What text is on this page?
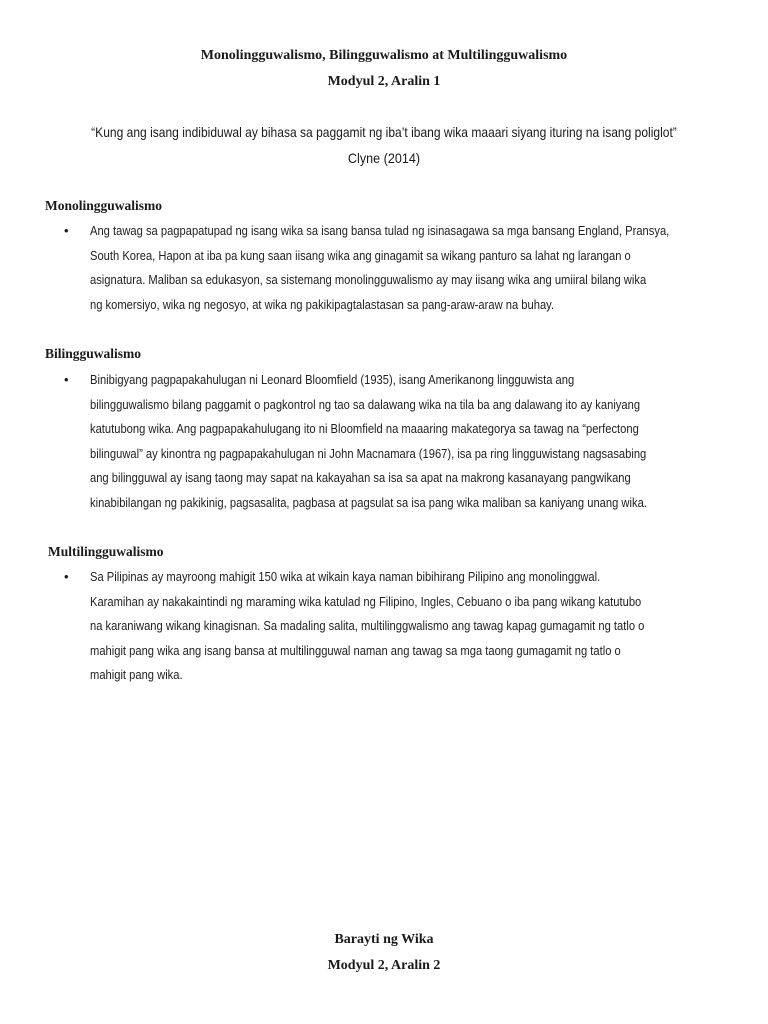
Monolingguwalismo, Bilingguwalismo at Multilingguwalismo
Modyul 2, Aralin 1
“Kung ang isang indibiduwal ay bihasa sa paggamit ng iba’t ibang wika maaari siyang ituring na isang poliglot”
Clyne (2014)
Monolingguwalismo
• Ang tawag sa pagpapatupad ng isang wika sa isang bansa tulad ng isinasagawa sa mga bansang England, Pransya,
South Korea, Hapon at iba pa kung saan iisang wika ang ginagamit sa wikang panturo sa lahat ng larangan o
asignatura. Maliban sa edukasyon, sa sistemang monolingguwalismo ay may iisang wika ang umiiral bilang wika
ng komersiyo, wika ng negosyo, at wika ng pakikipagtalastasan sa pang-araw-araw na buhay.
Bilingguwalismo
• Binibigyang pagpapakahulugan ni Leonard Bloomfield (1935), isang Amerikanong lingguwista ang
bilingguwalismo bilang paggamit o pagkontrol ng tao sa dalawang wika na tila ba ang dalawang ito ay kaniyang
katutubong wika. Ang pagpapakahulugang ito ni Bloomfield na maaaring makategorya sa tawag na “perfectong
bilinguwal” ay kinontra ng pagpapakahulugan ni John Macnamara (1967), isa pa ring lingguwistang nagsasabing
ang bilingguwal ay isang taong may sapat na kakayahan sa isa sa apat na makrong kasanayang pangwikang
kinabibilangan ng pakikinig, pagsasalita, pagbasa at pagsulat sa isa pang wika maliban sa kaniyang unang wika.
Multilingguwalismo
• Sa Pilipinas ay mayroong mahigit 150 wika at wikain kaya naman bibihirang Pilipino ang monolinggwal.
Karamihan ay nakakaintindi ng maraming wika katulad ng Filipino, Ingles, Cebuano o iba pang wikang katutubo
na karaniwang wikang kinagisnan. Sa madaling salita, multilinggwalismo ang tawag kapag gumagamit ng tatlo o
mahigit pang wika ang isang bansa at multilingguwal naman ang tawag sa mga taong gumagamit ng tatlo o
mahigit pang wika.
Barayti ng Wika
Modyul 2, Aralin 2
